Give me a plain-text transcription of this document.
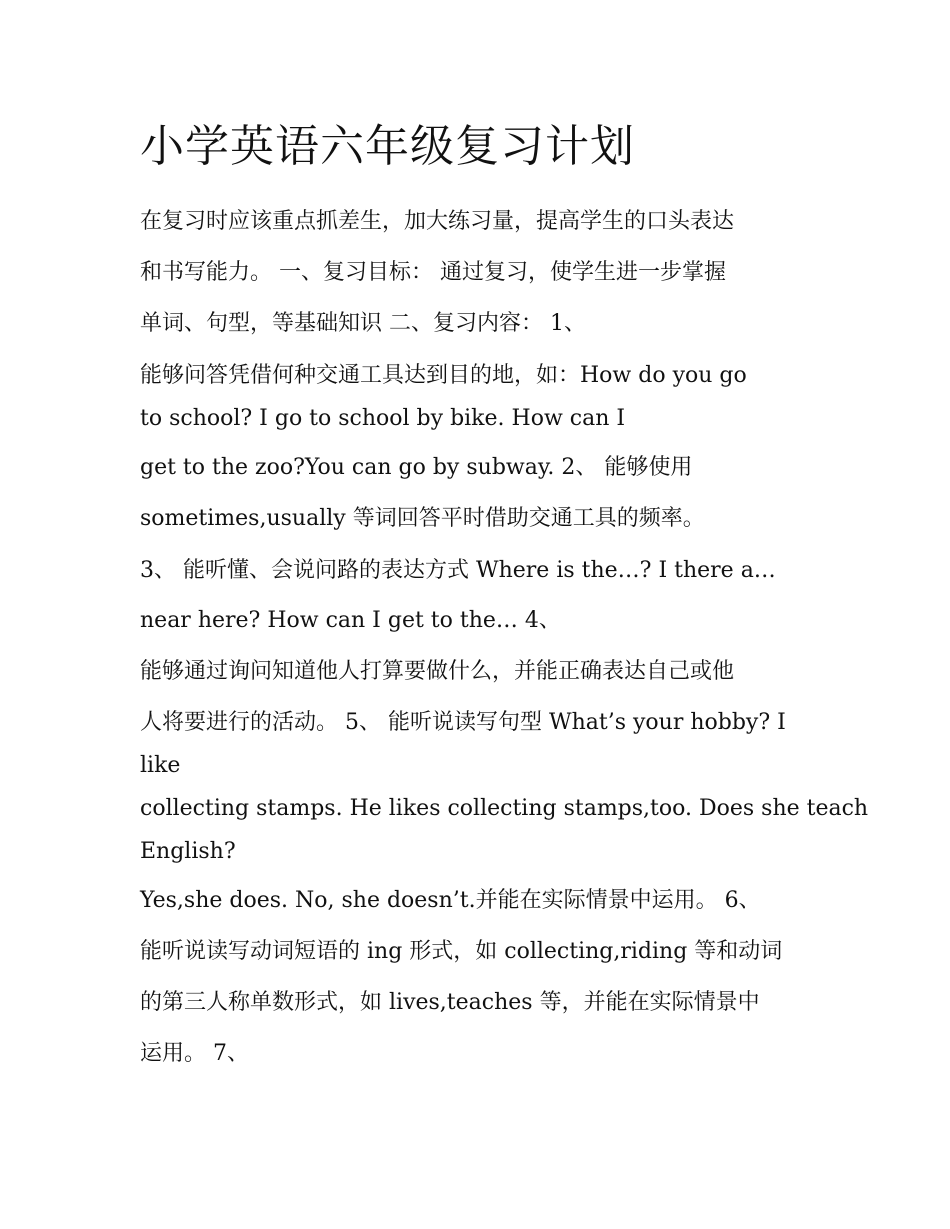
小学英语六年级复习计划

在复习时应该重点抓差生，加大练习量，提高学生的口头表达

和书写能力。 一、复习目标： 通过复习，使学生进一步掌握

单词、句型，等基础知识 二、复习内容： 1、

能够问答凭借何种交通工具达到目的地，如：How do you go

to school? I go to school by bike. How can I

get to the zoo?You can go by subway. 2、 能够使用

sometimes,usually 等词回答平时借助交通工具的频率。

3、 能听懂、会说问路的表达方式 Where is the…? I there a…

near here? How can I get to the… 4、

能够通过询问知道他人打算要做什么，并能正确表达自己或他

人将要进行的活动。 5、 能听说读写句型 What’s your hobby? I

like

collecting stamps. He likes collecting stamps,too. Does she teach

English?

Yes,she does. No, she doesn’t.并能在实际情景中运用。 6、

能听说读写动词短语的 ing 形式，如 collecting,riding 等和动词

的第三人称单数形式，如 lives,teaches 等，并能在实际情景中

运用。 7、
